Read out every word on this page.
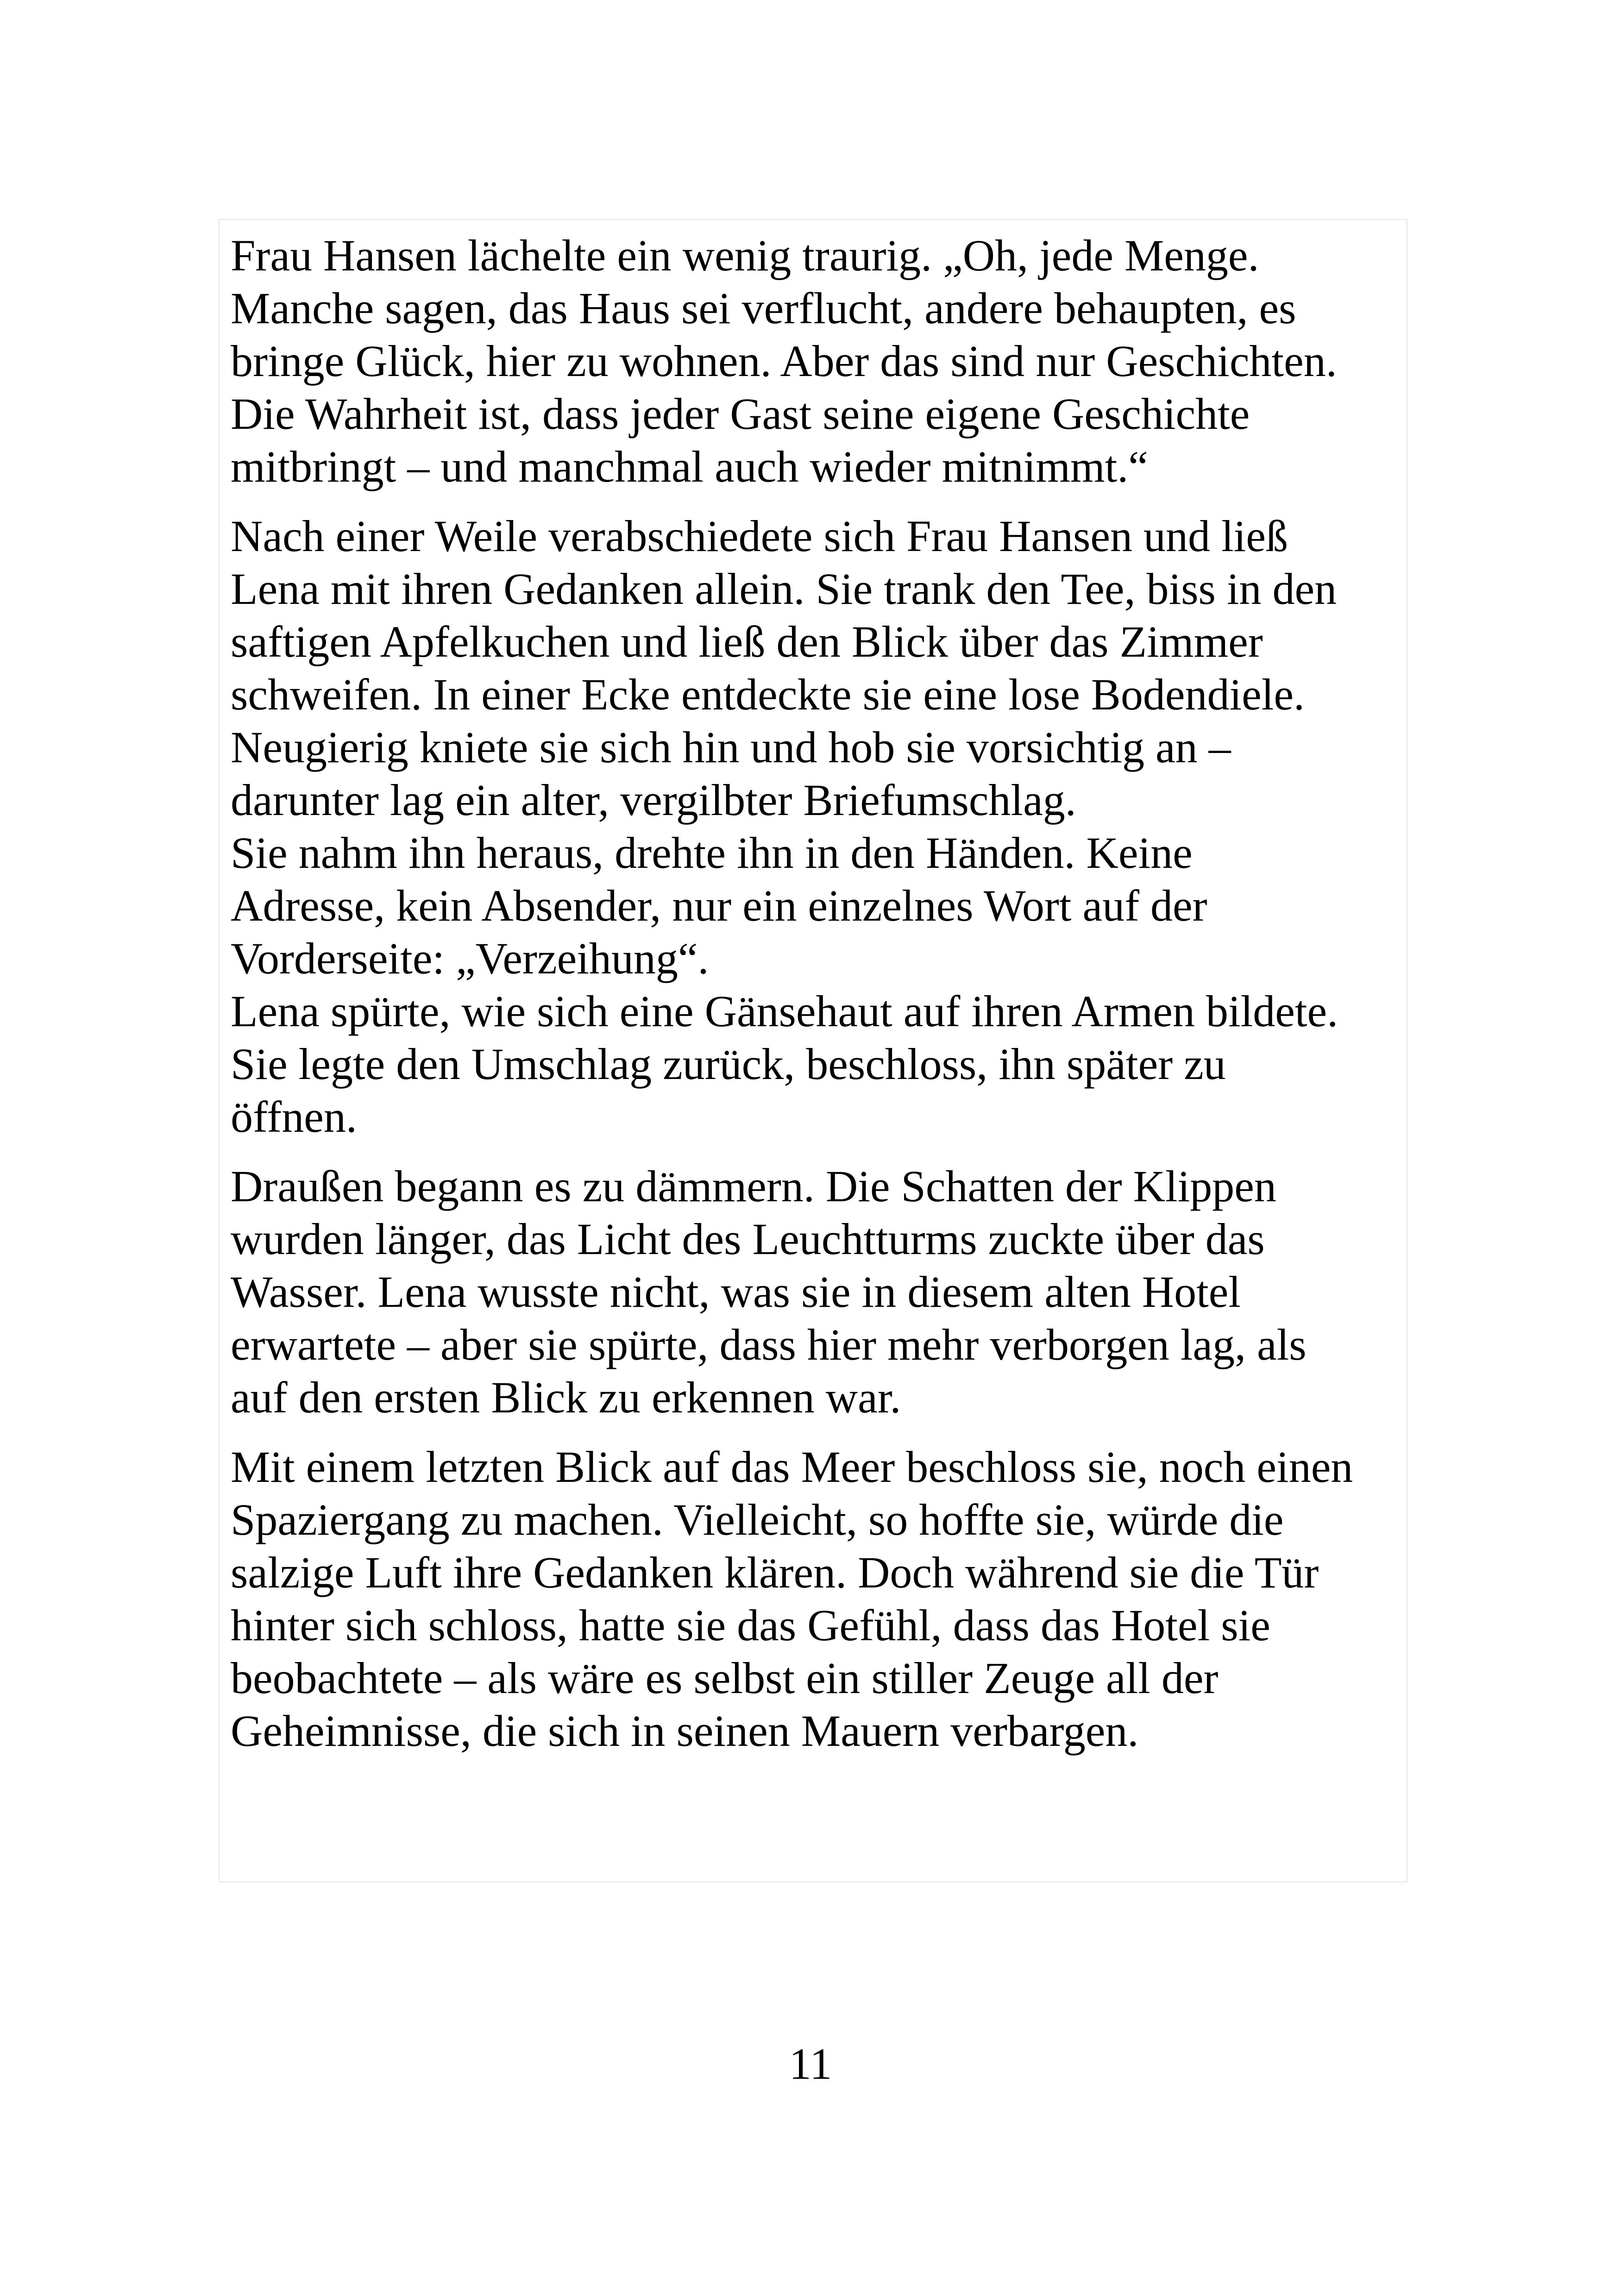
Frau Hansen lächelte ein wenig traurig. „Oh, jede Menge.
Manche sagen, das Haus sei verflucht, andere behaupten, es
bringe Glück, hier zu wohnen. Aber das sind nur Geschichten.
Die Wahrheit ist, dass jeder Gast seine eigene Geschichte
mitbringt – und manchmal auch wieder mitnimmt.“

Nach einer Weile verabschiedete sich Frau Hansen und ließ
Lena mit ihren Gedanken allein. Sie trank den Tee, biss in den
saftigen Apfelkuchen und ließ den Blick über das Zimmer
schweifen. In einer Ecke entdeckte sie eine lose Bodendiele.
Neugierig kniete sie sich hin und hob sie vorsichtig an –
darunter lag ein alter, vergilbter Briefumschlag.
Sie nahm ihn heraus, drehte ihn in den Händen. Keine
Adresse, kein Absender, nur ein einzelnes Wort auf der
Vorderseite: „Verzeihung“.
Lena spürte, wie sich eine Gänsehaut auf ihren Armen bildete.
Sie legte den Umschlag zurück, beschloss, ihn später zu
öffnen.

Draußen begann es zu dämmern. Die Schatten der Klippen
wurden länger, das Licht des Leuchtturms zuckte über das
Wasser. Lena wusste nicht, was sie in diesem alten Hotel
erwartete – aber sie spürte, dass hier mehr verborgen lag, als
auf den ersten Blick zu erkennen war.

Mit einem letzten Blick auf das Meer beschloss sie, noch einen
Spaziergang zu machen. Vielleicht, so hoffte sie, würde die
salzige Luft ihre Gedanken klären. Doch während sie die Tür
hinter sich schloss, hatte sie das Gefühl, dass das Hotel sie
beobachtete – als wäre es selbst ein stiller Zeuge all der
Geheimnisse, die sich in seinen Mauern verbargen.

11
